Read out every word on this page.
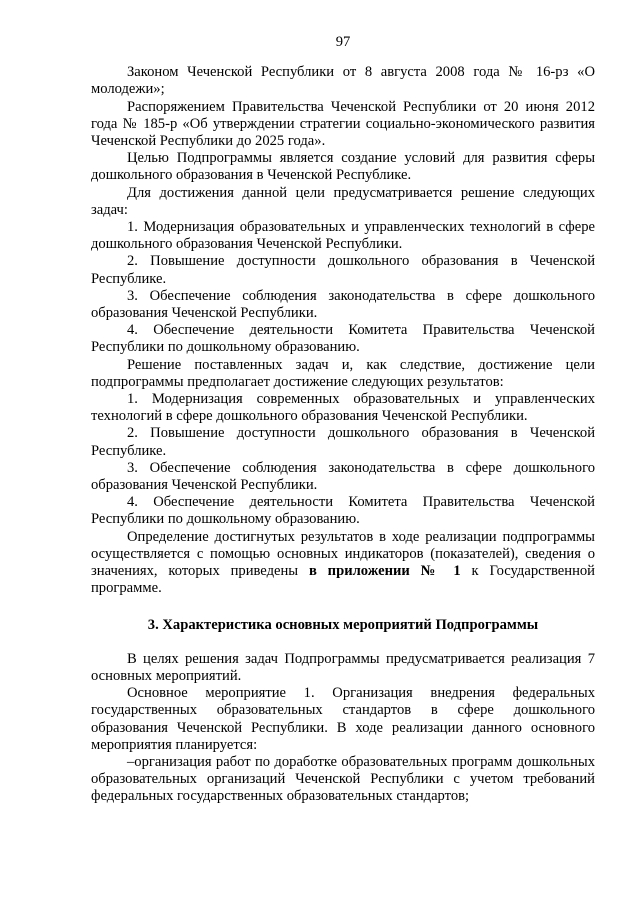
97

Законом Чеченской Республики от 8 августа 2008 года № 16-рз «О молодежи»;

Распоряжением Правительства Чеченской Республики от 20 июня 2012 года № 185-р «Об утверждении стратегии социально-экономического развития Чеченской Республики до 2025 года».

Целью Подпрограммы является создание условий для развития сферы дошкольного образования в Чеченской Республике.

Для достижения данной цели предусматривается решение следующих задач:

1. Модернизация образовательных и управленческих технологий в сфере дошкольного образования Чеченской Республики.

2. Повышение доступности дошкольного образования в Чеченской Республике.

3. Обеспечение соблюдения законодательства в сфере дошкольного образования Чеченской Республики.

4. Обеспечение деятельности Комитета Правительства Чеченской Республики по дошкольному образованию.

Решение поставленных задач и, как следствие, достижение цели подпрограммы предполагает достижение следующих результатов:

1. Модернизация современных образовательных и управленческих технологий в сфере дошкольного образования Чеченской Республики.

2. Повышение доступности дошкольного образования в Чеченской Республике.

3. Обеспечение соблюдения законодательства в сфере дошкольного образования Чеченской Республики.

4. Обеспечение деятельности Комитета Правительства Чеченской Республики по дошкольному образованию.

Определение достигнутых результатов в ходе реализации подпрограммы осуществляется с помощью основных индикаторов (показателей), сведения о значениях, которых приведены в приложении № 1 к Государственной программе.

3. Характеристика основных мероприятий Подпрограммы

В целях решения задач Подпрограммы предусматривается реализация 7 основных мероприятий.

Основное мероприятие 1. Организация внедрения федеральных государственных образовательных стандартов в сфере дошкольного образования Чеченской Республики. В ходе реализации данного основного мероприятия планируется:

–организация работ по доработке образовательных программ дошкольных образовательных организаций Чеченской Республики с учетом требований федеральных государственных образовательных стандартов;
